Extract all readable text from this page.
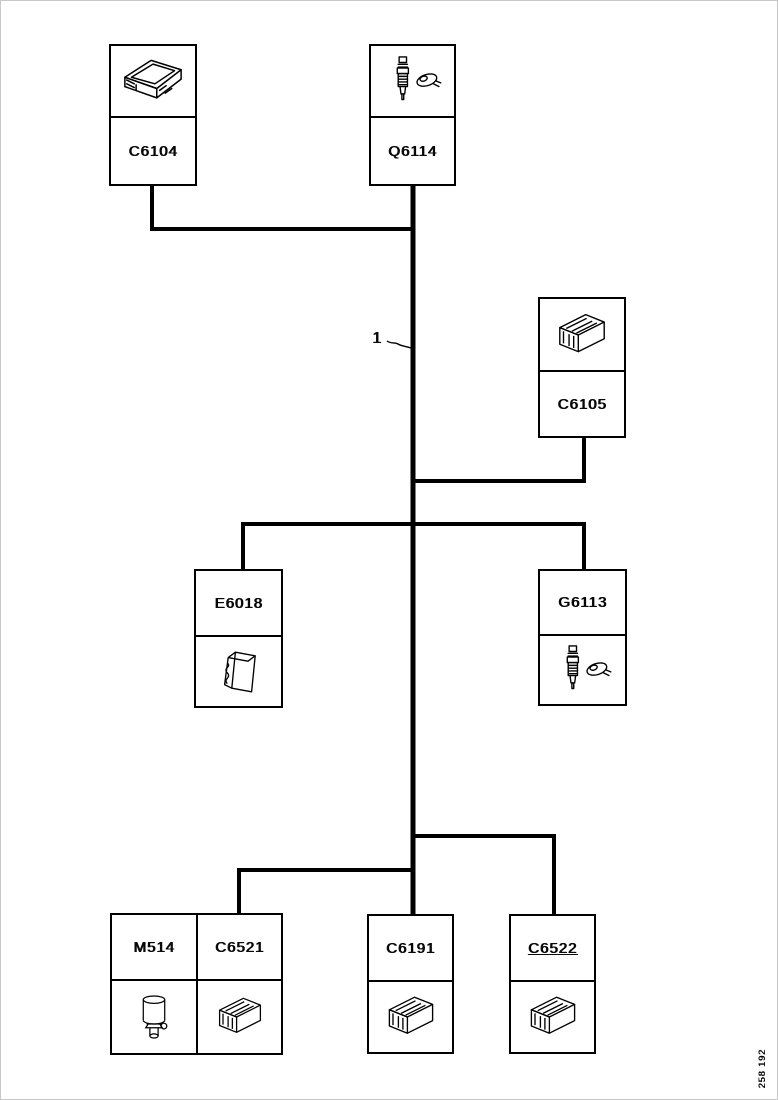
1
C6104	Q6114
C6105
E6018	G6113
M514	C6521	C6191	C6522
258 192
